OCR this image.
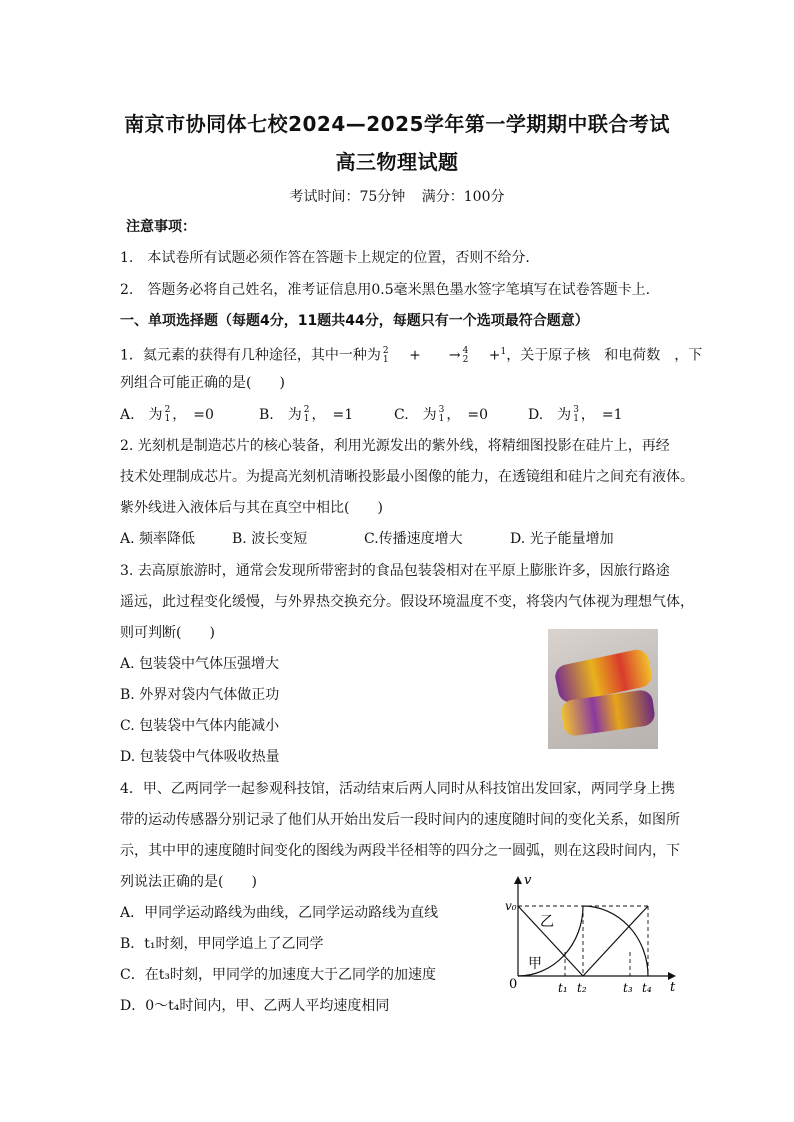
南京市协同体七校2024—2025学年第一学期期中联合考试
高三物理试题
考试时间：75分钟 满分：100分
注意事项：
1.　本试卷所有试题必须作答在答题卡上规定的位置，否则不给分.
2.　答题务必将自己姓名，准考证信息用0.5毫米黑色墨水签字笔填写在试卷答题卡上.
一、单项选择题（每题4分，11题共44分，每题只有一个选项最符合题意）
1．氦元素的获得有几种途径，其中一种为 2
1 　+　　→ 4
2 　+$^1$，关于原子核　和电荷数　，下
列组合可能正确的是(　　)
A.　为 2
1 ，　=0	B.　为 2
1 ，　=1	C.　为 3
1 ，　=0	D.　为 3
1 ，　=1
2. 光刻机是制造芯片的核心装备，利用光源发出的紫外线，将精细图投影在硅片上，再经
技术处理制成芯片。为提高光刻机清晰投影最小图像的能力，在透镜组和硅片之间充有液体。
紫外线进入液体后与其在真空中相比(　　)
A. 频率降低	B. 波长变短	C.传播速度增大	D. 光子能量增加
3. 去高原旅游时，通常会发现所带密封的食品包装袋相对在平原上膨胀许多，因旅行路途
遥远，此过程变化缓慢，与外界热交换充分。假设环境温度不变，将袋内气体视为理想气体，
则可判断(　　)
A. 包装袋中气体压强增大
B. 外界对袋内气体做正功
C. 包装袋中气体内能减小
D. 包装袋中气体吸收热量
4．甲、乙两同学一起参观科技馆，活动结束后两人同时从科技馆出发回家，两同学身上携
带的运动传感器分别记录了他们从开始出发后一段时间内的速度随时间的变化关系，如图所
示，其中甲的速度随时间变化的图线为两段半径相等的四分之一圆弧，则在这段时间内，下
列说法正确的是(　　)
A．甲同学运动路线为曲线，乙同学运动路线为直线
B．t₁时刻，甲同学追上了乙同学
C．在t₃时刻，甲同学的加速度大于乙同学的加速度
D．0～t₄时间内，甲、乙两人平均速度相同
v
t
0
v₀
乙
甲
t₁ t₂	t₃ t₄
